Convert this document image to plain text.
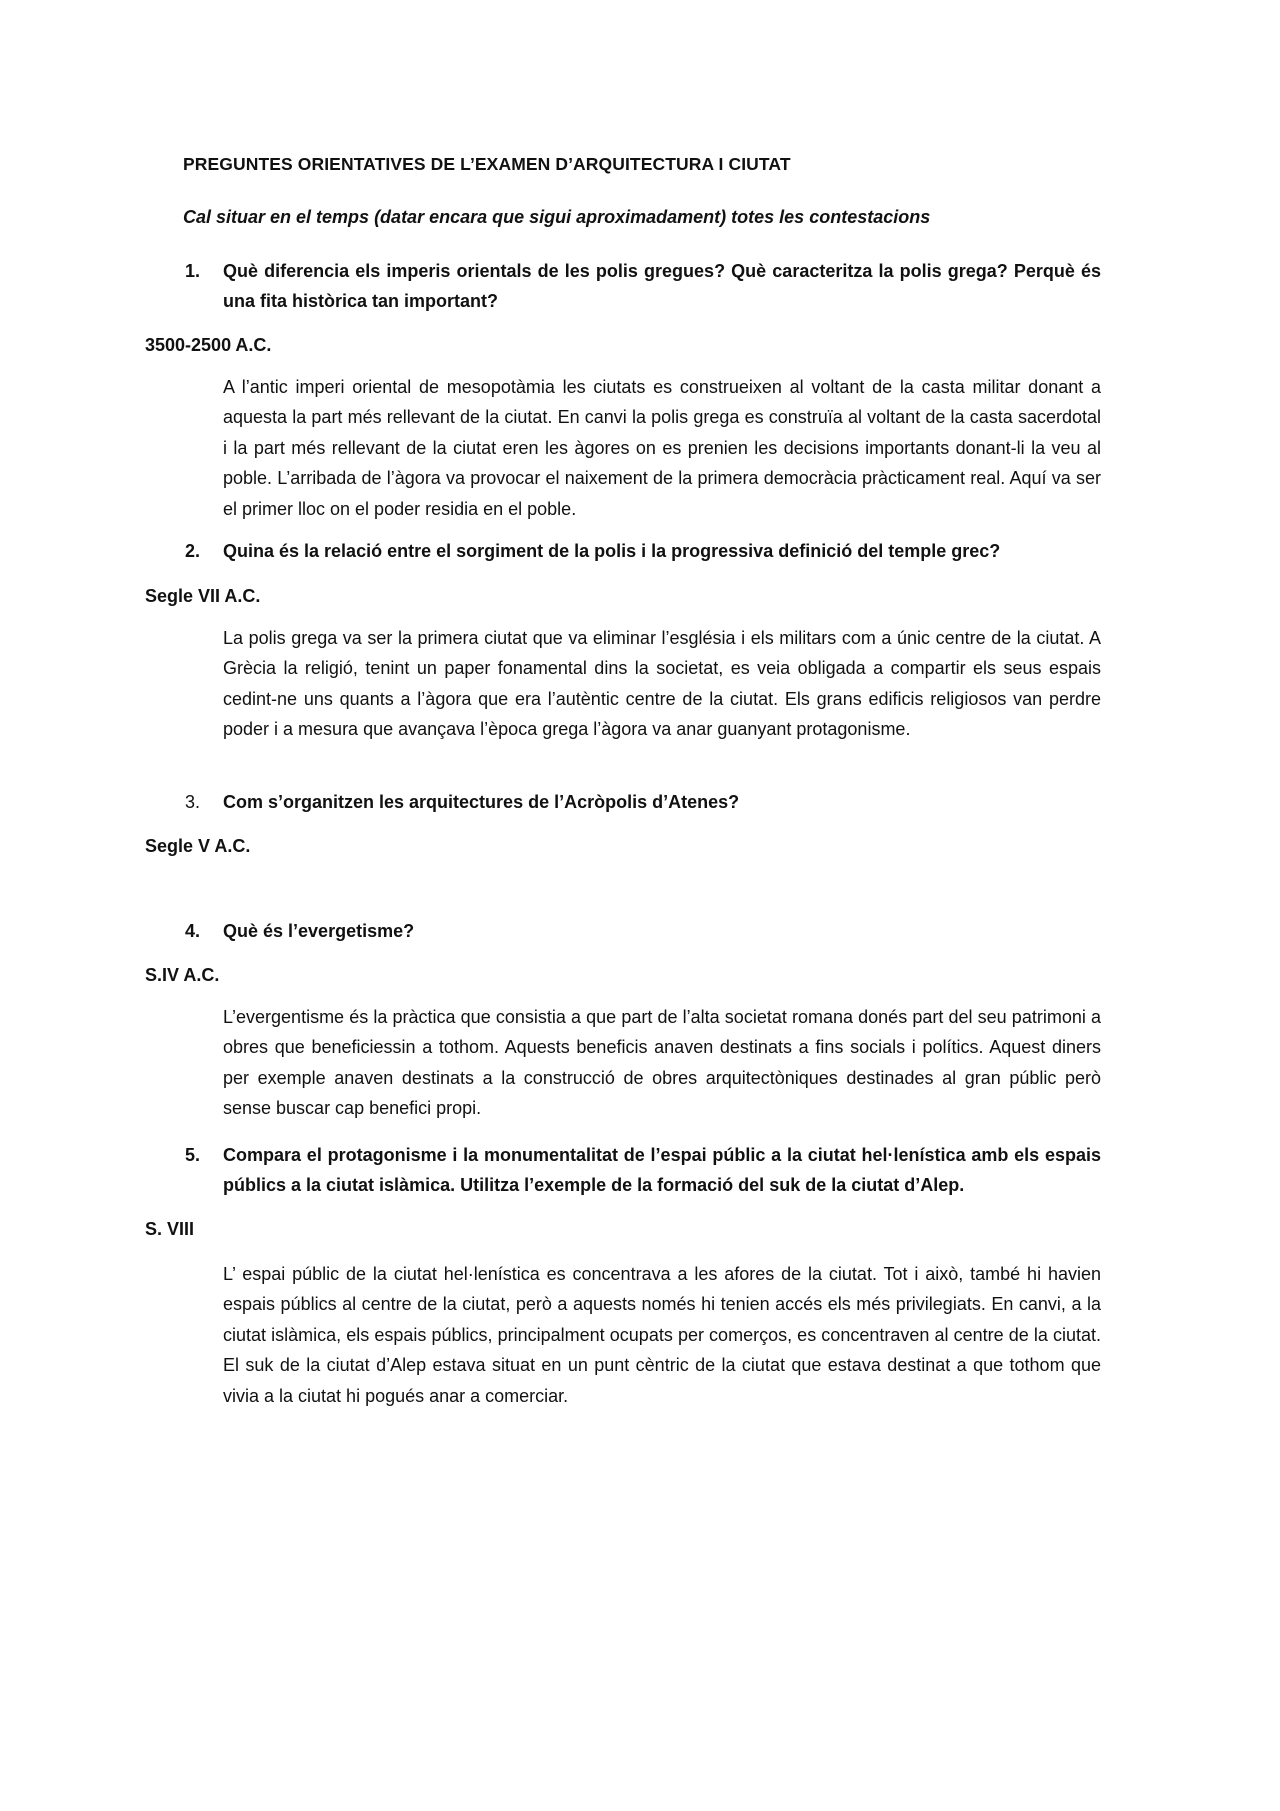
PREGUNTES ORIENTATIVES DE L’EXAMEN D’ARQUITECTURA I CIUTAT
Cal situar en el temps (datar encara que sigui aproximadament) totes les contestacions
1.	Què diferencia els imperis orientals de les polis gregues? Què caracteritza la polis grega? Perquè és una fita històrica tan important?
3500-2500 A.C.
A l’antic imperi oriental de mesopotàmia les ciutats es construeixen al voltant de la casta militar donant a aquesta la part més rellevant de la ciutat. En canvi la polis grega es construïa al voltant de la casta sacerdotal i la part més rellevant de la ciutat eren les àgores on es prenien les decisions importants donant-li la veu al poble. L’arribada de l’àgora va provocar el naixement de la primera democràcia pràcticament real. Aquí va ser el primer lloc on el poder residia en el poble.
2.	Quina és la relació entre el sorgiment de la polis i la progressiva definició del temple grec?
Segle VII A.C.
La polis grega va ser la primera ciutat que va eliminar l’església i els militars com a únic centre de la ciutat. A Grècia la religió, tenint un paper fonamental dins la societat, es veia obligada a compartir els seus espais cedint-ne uns quants a l’àgora que era l’autèntic centre de la ciutat. Els grans edificis religiosos van perdre poder i a mesura que avançava l’època grega l’àgora va anar guanyant protagonisme.
3.	Com s’organitzen les arquitectures de l’Acròpolis d’Atenes?
Segle V A.C.
4.	Què és l’evergetisme?
S.IV A.C.
L’evergentisme és la pràctica que consistia a que part de l’alta societat romana donés part del seu patrimoni a obres que beneficiessin a tothom. Aquests beneficis anaven destinats a fins socials i polítics. Aquest diners per exemple anaven destinats a la construcció de obres arquitectòniques destinades al gran públic però sense buscar cap benefici propi.
5.	Compara el protagonisme i la monumentalitat de l’espai públic a la ciutat hel·lenística amb els espais públics a la ciutat islàmica. Utilitza l’exemple de la formació del suk de la ciutat d’Alep.
S. VIII
L’ espai públic de la ciutat hel·lenística es concentrava a les afores de la ciutat. Tot i això, també hi havien espais públics al centre de la ciutat, però a aquests només hi tenien accés els més privilegiats. En canvi, a la ciutat islàmica, els espais públics, principalment ocupats per comerços, es concentraven al centre de la ciutat. El suk de la ciutat d’Alep estava situat en un punt cèntric de la ciutat que estava destinat a que tothom que vivia a la ciutat hi pogués anar a comerciar.
